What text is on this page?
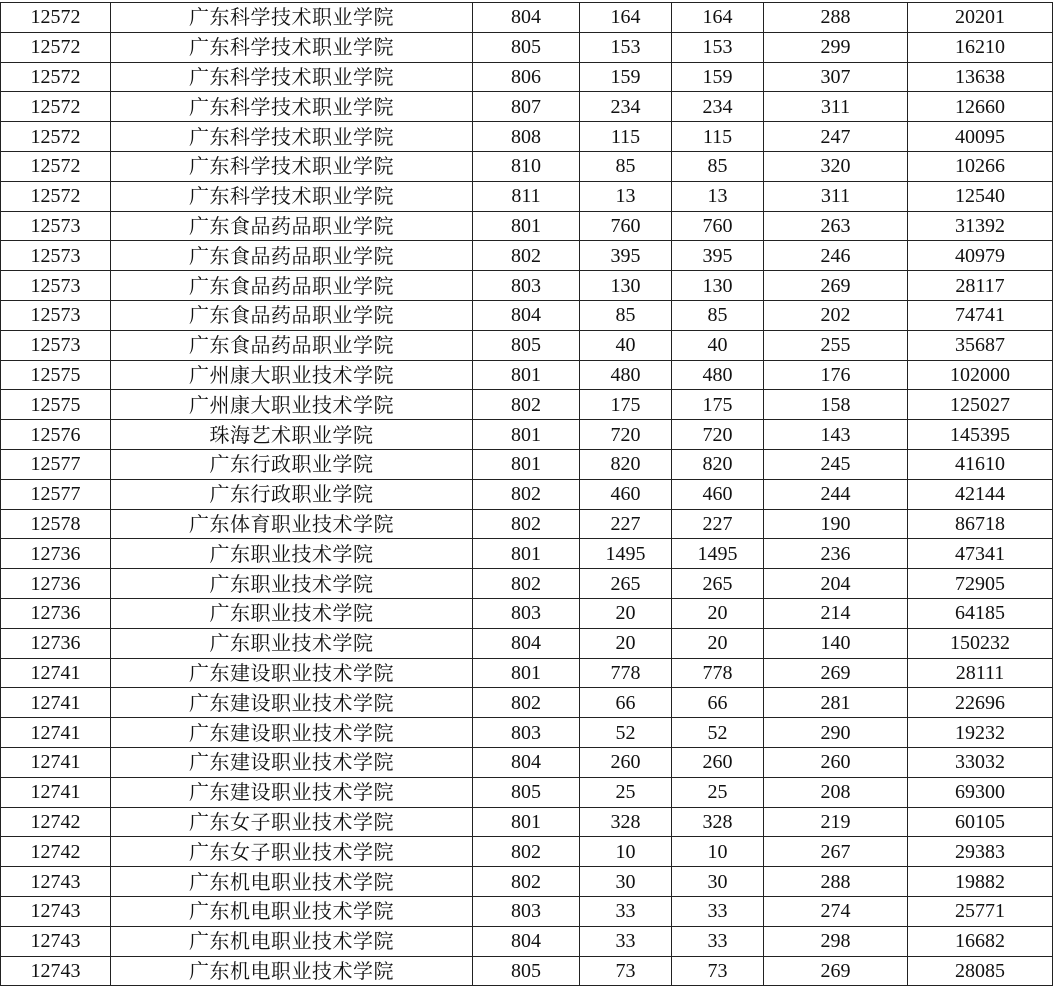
12572	广东科学技术职业学院	804	164	164	288	20201
12572	广东科学技术职业学院	805	153	153	299	16210
12572	广东科学技术职业学院	806	159	159	307	13638
12572	广东科学技术职业学院	807	234	234	311	12660
12572	广东科学技术职业学院	808	115	115	247	40095
12572	广东科学技术职业学院	810	85	85	320	10266
12572	广东科学技术职业学院	811	13	13	311	12540
12573	广东食品药品职业学院	801	760	760	263	31392
12573	广东食品药品职业学院	802	395	395	246	40979
12573	广东食品药品职业学院	803	130	130	269	28117
12573	广东食品药品职业学院	804	85	85	202	74741
12573	广东食品药品职业学院	805	40	40	255	35687
12575	广州康大职业技术学院	801	480	480	176	102000
12575	广州康大职业技术学院	802	175	175	158	125027
12576	珠海艺术职业学院	801	720	720	143	145395
12577	广东行政职业学院	801	820	820	245	41610
12577	广东行政职业学院	802	460	460	244	42144
12578	广东体育职业技术学院	802	227	227	190	86718
12736	广东职业技术学院	801	1495	1495	236	47341
12736	广东职业技术学院	802	265	265	204	72905
12736	广东职业技术学院	803	20	20	214	64185
12736	广东职业技术学院	804	20	20	140	150232
12741	广东建设职业技术学院	801	778	778	269	28111
12741	广东建设职业技术学院	802	66	66	281	22696
12741	广东建设职业技术学院	803	52	52	290	19232
12741	广东建设职业技术学院	804	260	260	260	33032
12741	广东建设职业技术学院	805	25	25	208	69300
12742	广东女子职业技术学院	801	328	328	219	60105
12742	广东女子职业技术学院	802	10	10	267	29383
12743	广东机电职业技术学院	802	30	30	288	19882
12743	广东机电职业技术学院	803	33	33	274	25771
12743	广东机电职业技术学院	804	33	33	298	16682
12743	广东机电职业技术学院	805	73	73	269	28085
